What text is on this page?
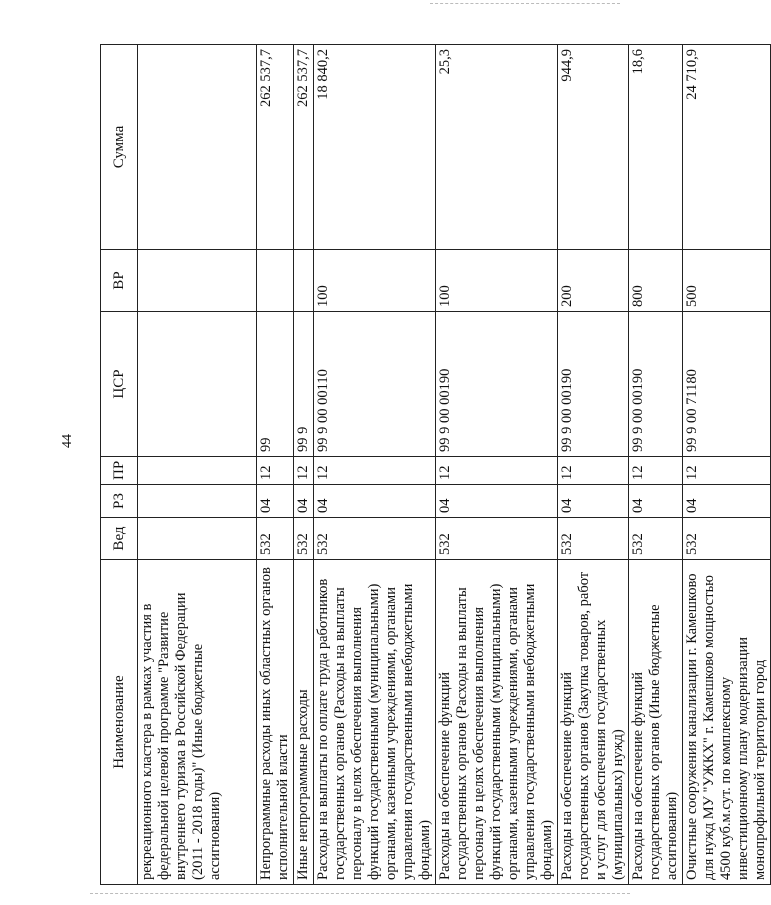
44
Наименование	Вед	РЗ	ПР	ЦСР	ВР	Сумма
рекреационного кластера в рамках участия в федеральной целевой программе "Развитие внутреннего туризма в Российской Федерации (2011 - 2018 годы)" (Иные бюджетные ассигнования)						
Непрограммные расходы иных областных органов исполнительной власти	532	04	12	99		262 537,7
Иные непрограммные расходы	532	04	12	99 9		262 537,7
Расходы на выплаты по оплате труда работников государственных органов (Расходы на выплаты персоналу в целях обеспечения выполнения функций государственными (муниципальными) органами, казенными учреждениями, органами управления государственными внебюджетными фондами)	532	04	12	99 9 00 00110	100	18 840,2
Расходы на обеспечение функций государственных органов (Расходы на выплаты персоналу в целях обеспечения выполнения функций государственными (муниципальными) органами, казенными учреждениями, органами управления государственными внебюджетными фондами)	532	04	12	99 9 00 00190	100	25,3
Расходы на обеспечение функций государственных органов (Закупка товаров, работ и услуг для обеспечения государственных (муниципальных) нужд)	532	04	12	99 9 00 00190	200	944,9
Расходы на обеспечение функций государственных органов (Иные бюджетные ассигнования)	532	04	12	99 9 00 00190	800	18,6
Очистные сооружения канализации г. Камешково для нужд МУ "УЖКХ" г. Камешково мощностью 4500 куб.м.сут. по комплексному инвестиционному плану модернизации монопрофильной территории город	532	04	12	99 9 00 71180	500	24 710,9
